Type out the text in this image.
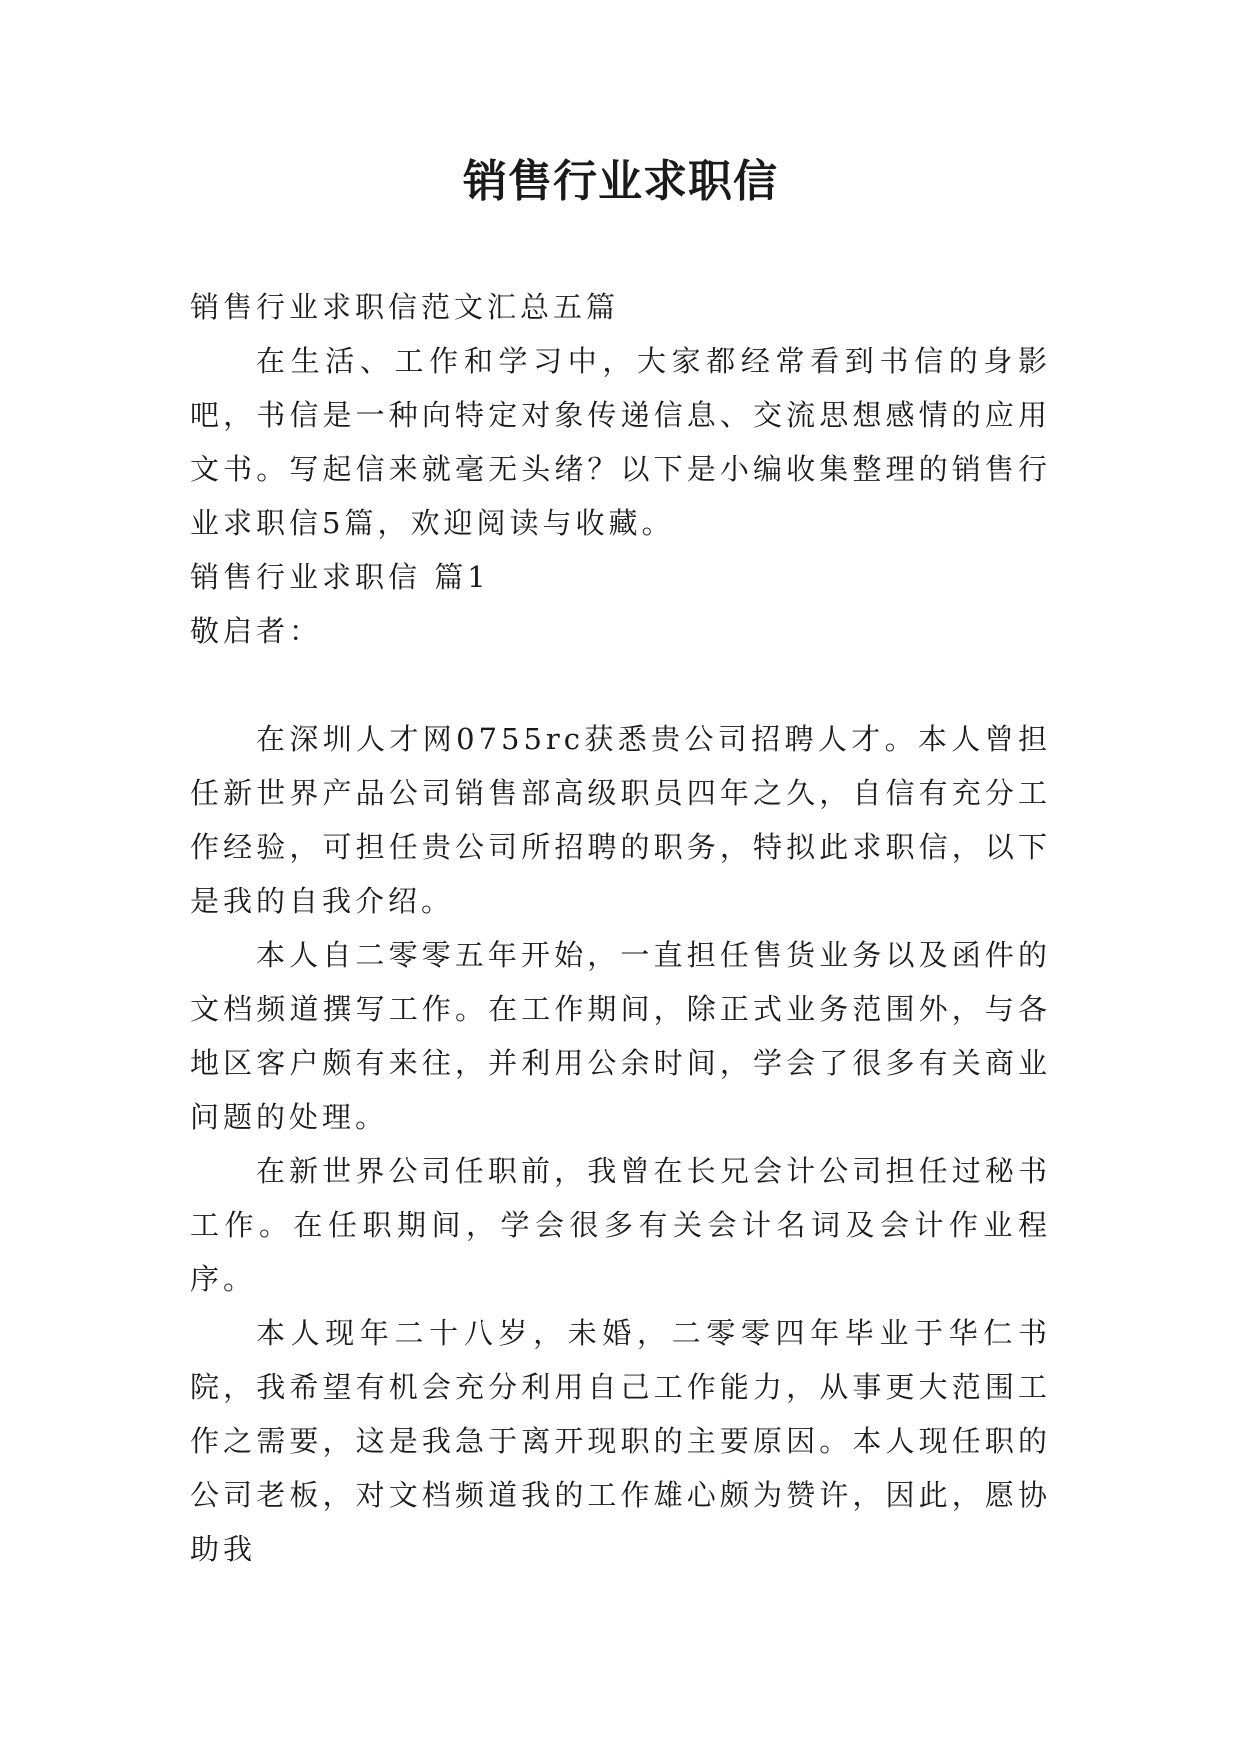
销售行业求职信

销售行业求职信范文汇总五篇

在生活、工作和学习中，大家都经常看到书信的身影吧，书信是一种向特定对象传递信息、交流思想感情的应用文书。写起信来就毫无头绪？以下是小编收集整理的销售行业求职信5篇，欢迎阅读与收藏。

销售行业求职信 篇1

敬启者：

在深圳人才网0755rc获悉贵公司招聘人才。本人曾担任新世界产品公司销售部高级职员四年之久，自信有充分工作经验，可担任贵公司所招聘的职务，特拟此求职信，以下是我的自我介绍。

本人自二零零五年开始，一直担任售货业务以及函件的文档频道撰写工作。在工作期间，除正式业务范围外，与各地区客户颇有来往，并利用公余时间，学会了很多有关商业问题的处理。

在新世界公司任职前，我曾在长兄会计公司担任过秘书工作。在任职期间，学会很多有关会计名词及会计作业程序。

本人现年二十八岁，未婚，二零零四年毕业于华仁书院，我希望有机会充分利用自己工作能力，从事更大范围工作之需要，这是我急于离开现职的主要原因。本人现任职的公司老板，对文档频道我的工作雄心颇为赞许，因此，愿协助我
